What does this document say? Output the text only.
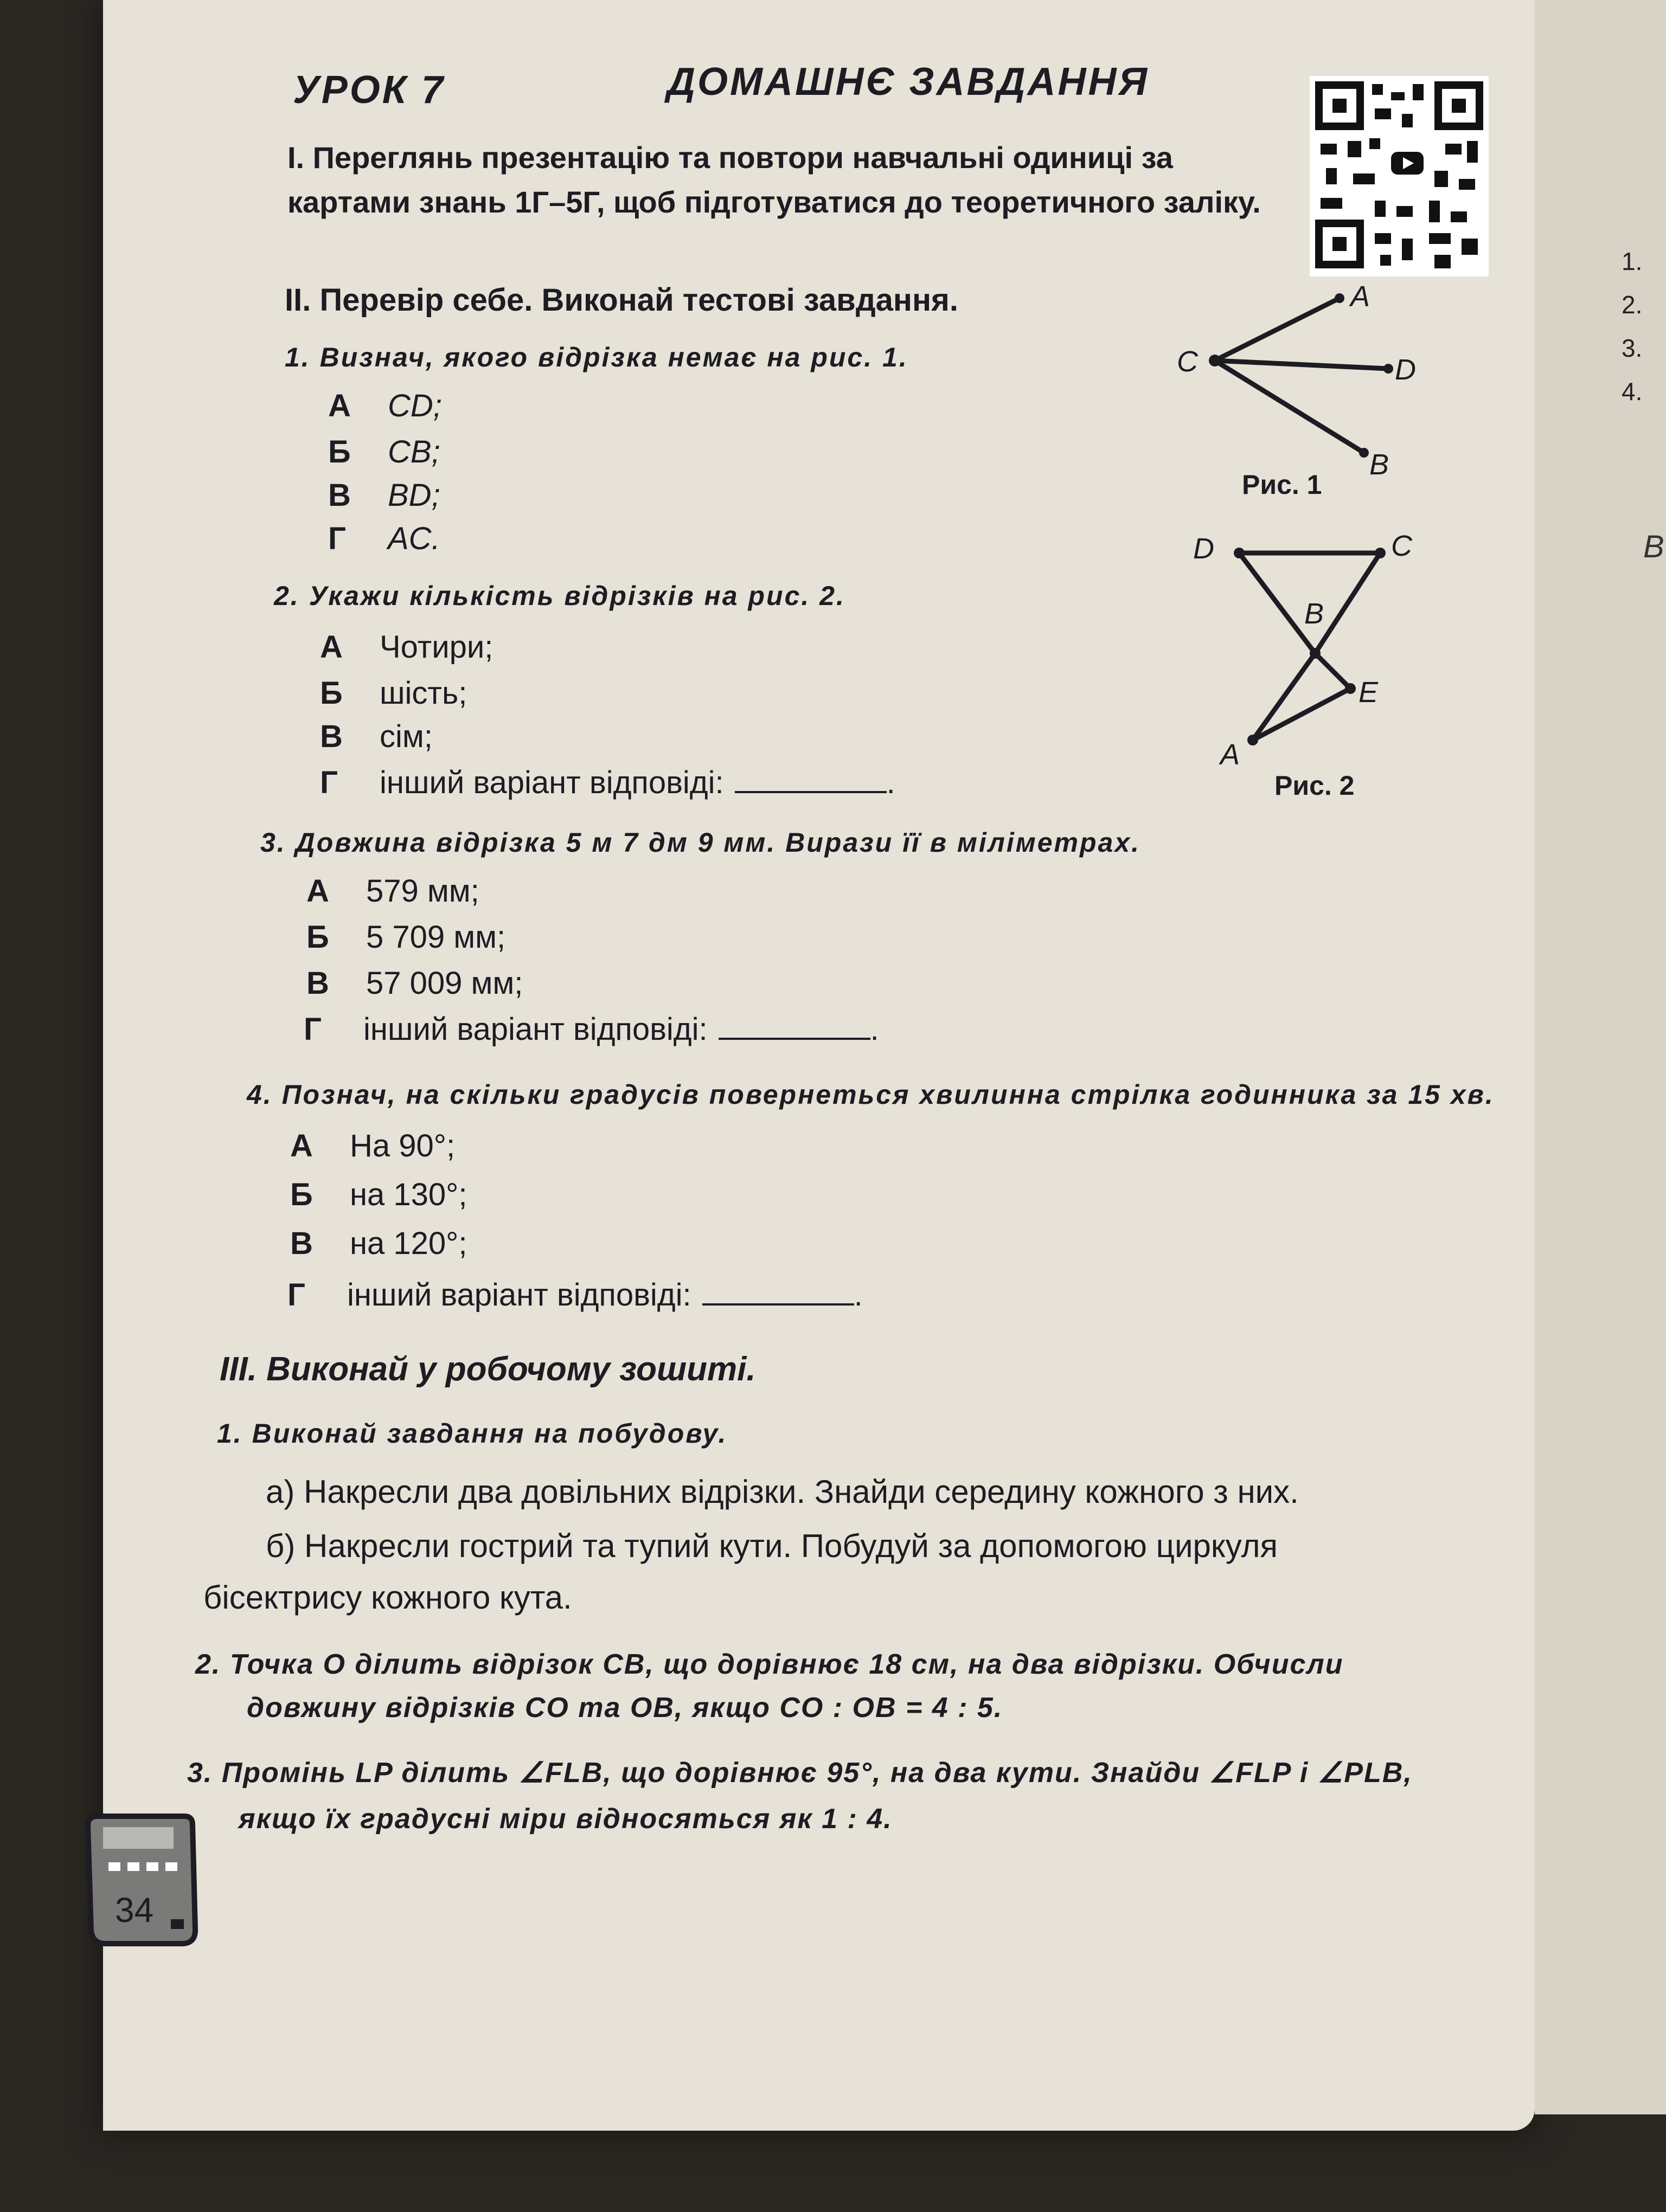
1.
2.
3.
4.
В
УРОК 7	ДОМАШНЄ ЗАВДАННЯ
І. Переглянь презентацію та повтори навчальні одиниці за картами знань 1Г–5Г, щоб підготуватися до теоретичного заліку.
ІІ. Перевір себе. Виконай тестові завдання.
1. Визнач, якого відрізка немає на рис. 1.
А CD;
Б CB;
В BD;
Г AC.
2. Укажи кількість відрізків на рис. 2.
А Чотири;
Б шість;
В сім;
Г інший варіант відповіді:	.
3. Довжина відрізка 5 м 7 дм 9 мм. Вирази її в міліметрах.
А 579 мм;
Б 5 709 мм;
В 57 009 мм;
Г інший варіант відповіді:	.
4. Познач, на скільки градусів повернеться хвилинна стрілка годинника за 15 хв.
А На 90°;
Б на 130°;
В на 120°;
Г інший варіант відповіді:	.
A
C	D
B
Рис. 1
D	C
B
E
A
Рис. 2
ІІІ. Виконай у робочому зошиті.
1. Виконай завдання на побудову.
а) Накресли два довільних відрізки. Знайди середину кожного з них.
б) Накресли гострий та тупий кути. Побудуй за допомогою циркуля
бісектрису кожного кута.
2. Точка O ділить відрізок CB, що дорівнює 18 см, на два відрізки. Обчисли
довжину відрізків CO та OB, якщо CO : OB = 4 : 5.
3. Промінь LP ділить ∠FLB, що дорівнює 95°, на два кути. Знайди ∠FLP і ∠PLB,
якщо їх градусні міри відносяться як 1 : 4.
34
